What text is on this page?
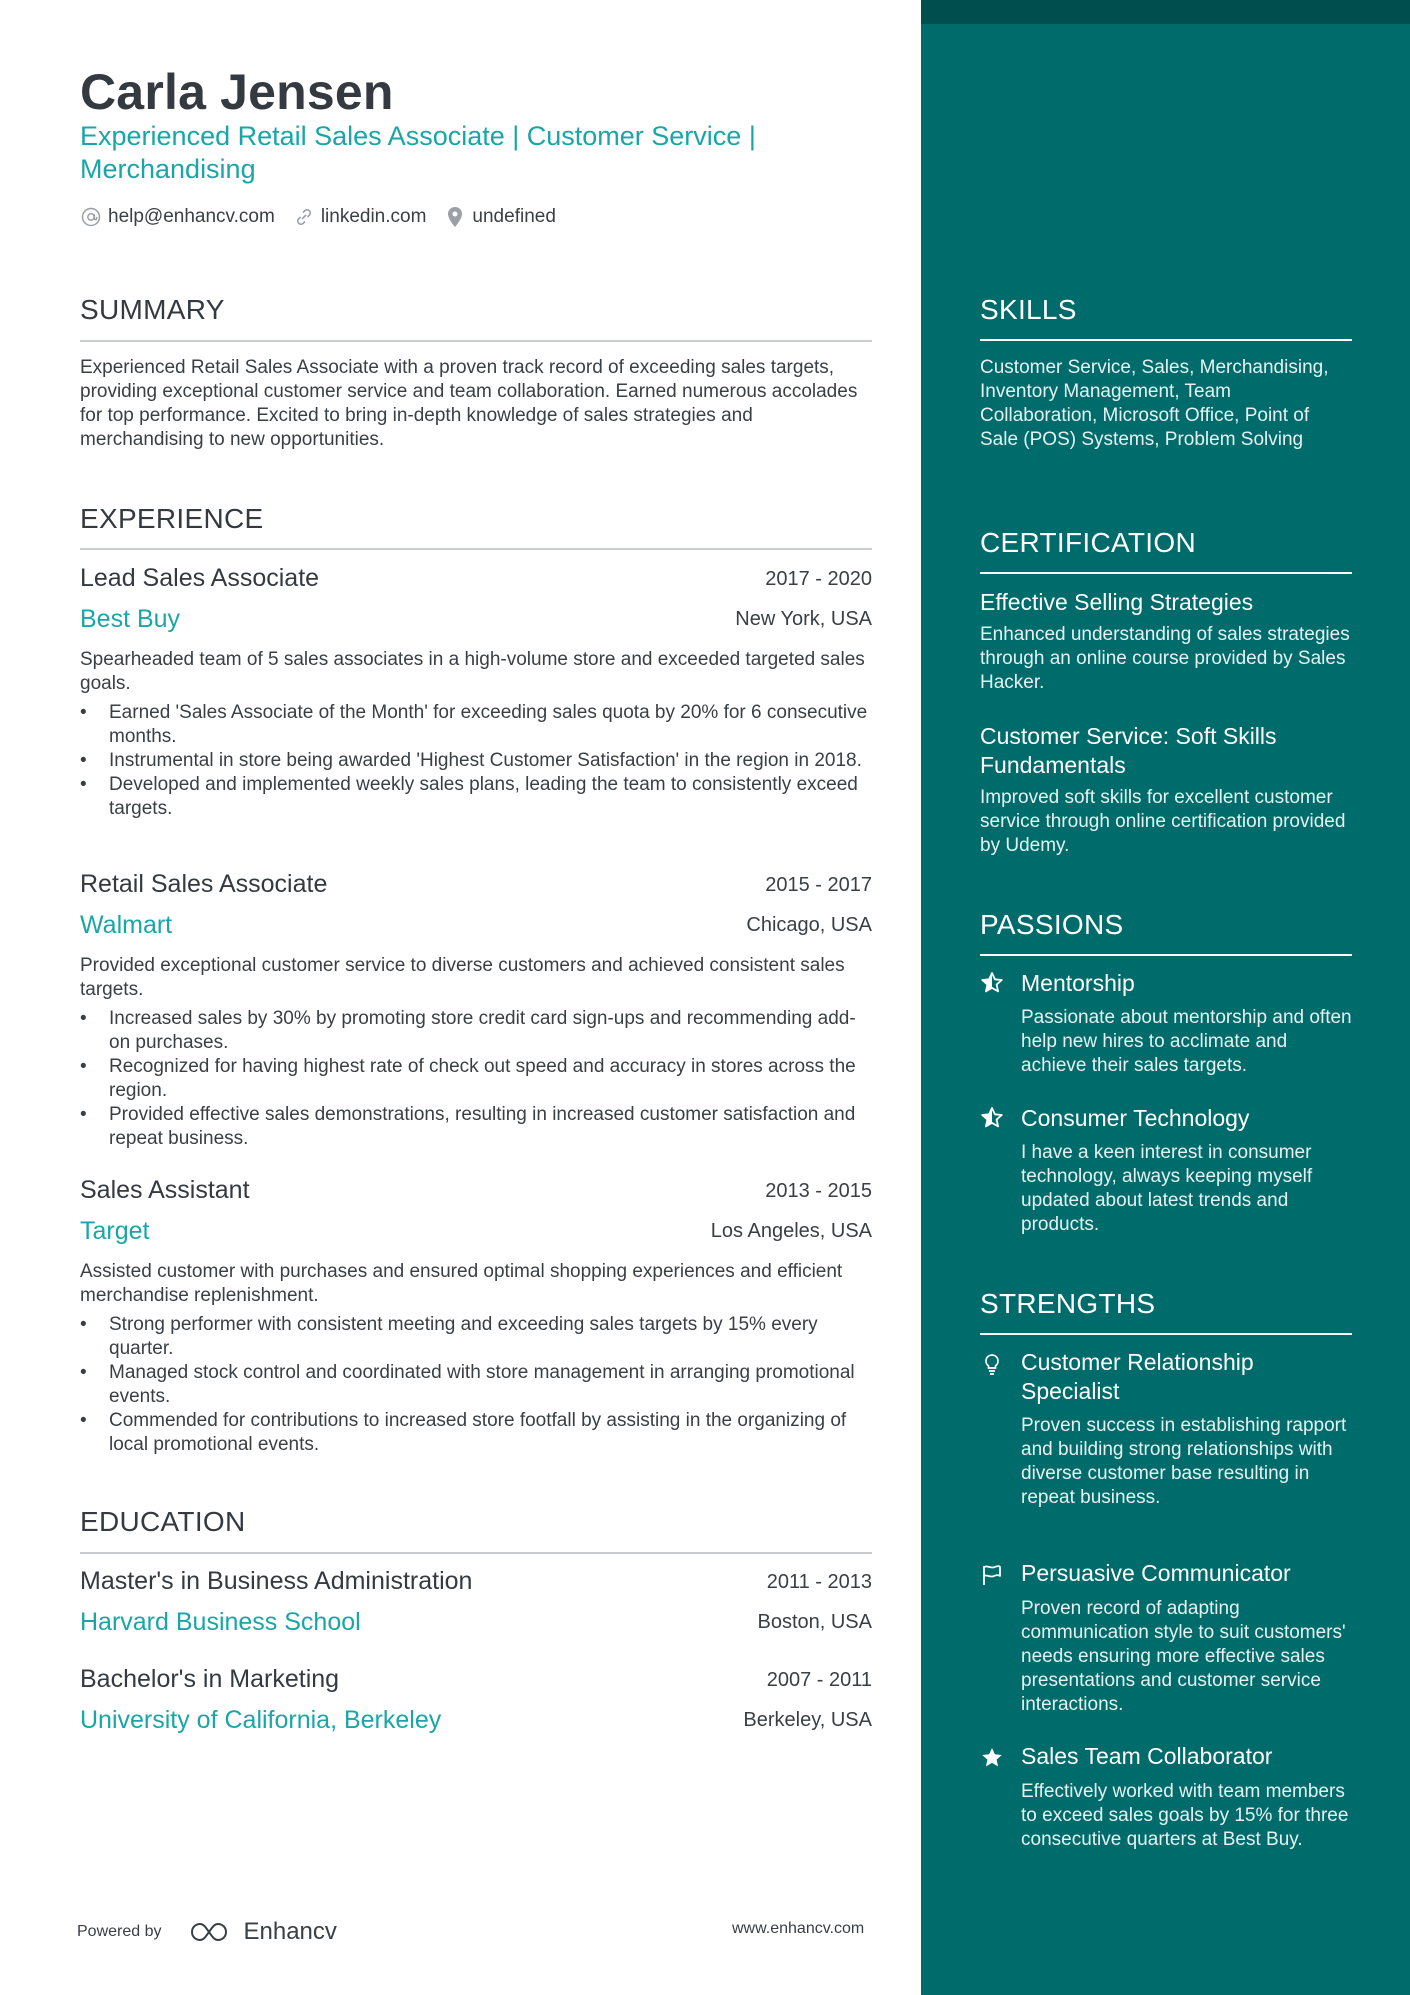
Carla Jensen
Experienced Retail Sales Associate | Customer Service | Merchandising
help@enhancv.com linkedin.com undefined
SUMMARY
Experienced Retail Sales Associate with a proven track record of exceeding sales targets, providing exceptional customer service and team collaboration. Earned numerous accolades for top performance. Excited to bring in-depth knowledge of sales strategies and merchandising to new opportunities.
EXPERIENCE
Lead Sales Associate	2017 - 2020
Best Buy	New York, USA
Spearheaded team of 5 sales associates in a high-volume store and exceeded targeted sales goals.
• Earned 'Sales Associate of the Month' for exceeding sales quota by 20% for 6 consecutive months.
• Instrumental in store being awarded 'Highest Customer Satisfaction' in the region in 2018.
• Developed and implemented weekly sales plans, leading the team to consistently exceed targets.
Retail Sales Associate	2015 - 2017
Walmart	Chicago, USA
Provided exceptional customer service to diverse customers and achieved consistent sales targets.
• Increased sales by 30% by promoting store credit card sign-ups and recommending add-on purchases.
• Recognized for having highest rate of check out speed and accuracy in stores across the region.
• Provided effective sales demonstrations, resulting in increased customer satisfaction and repeat business.
Sales Assistant	2013 - 2015
Target	Los Angeles, USA
Assisted customer with purchases and ensured optimal shopping experiences and efficient merchandise replenishment.
• Strong performer with consistent meeting and exceeding sales targets by 15% every quarter.
• Managed stock control and coordinated with store management in arranging promotional events.
• Commended for contributions to increased store footfall by assisting in the organizing of local promotional events.
EDUCATION
Master's in Business Administration	2011 - 2013
Harvard Business School	Boston, USA
Bachelor's in Marketing	2007 - 2011
University of California, Berkeley	Berkeley, USA
Powered by	Enhancv	www.enhancv.com
SKILLS
Customer Service, Sales, Merchandising, Inventory Management, Team Collaboration, Microsoft Office, Point of Sale (POS) Systems, Problem Solving
CERTIFICATION
Effective Selling Strategies
Enhanced understanding of sales strategies through an online course provided by Sales Hacker.
Customer Service: Soft Skills Fundamentals
Improved soft skills for excellent customer service through online certification provided by Udemy.
PASSIONS
Mentorship
Passionate about mentorship and often help new hires to acclimate and achieve their sales targets.
Consumer Technology
I have a keen interest in consumer technology, always keeping myself updated about latest trends and products.
STRENGTHS
Customer Relationship Specialist
Proven success in establishing rapport and building strong relationships with diverse customer base resulting in repeat business.
Persuasive Communicator
Proven record of adapting communication style to suit customers' needs ensuring more effective sales presentations and customer service interactions.
Sales Team Collaborator
Effectively worked with team members to exceed sales goals by 15% for three consecutive quarters at Best Buy.
